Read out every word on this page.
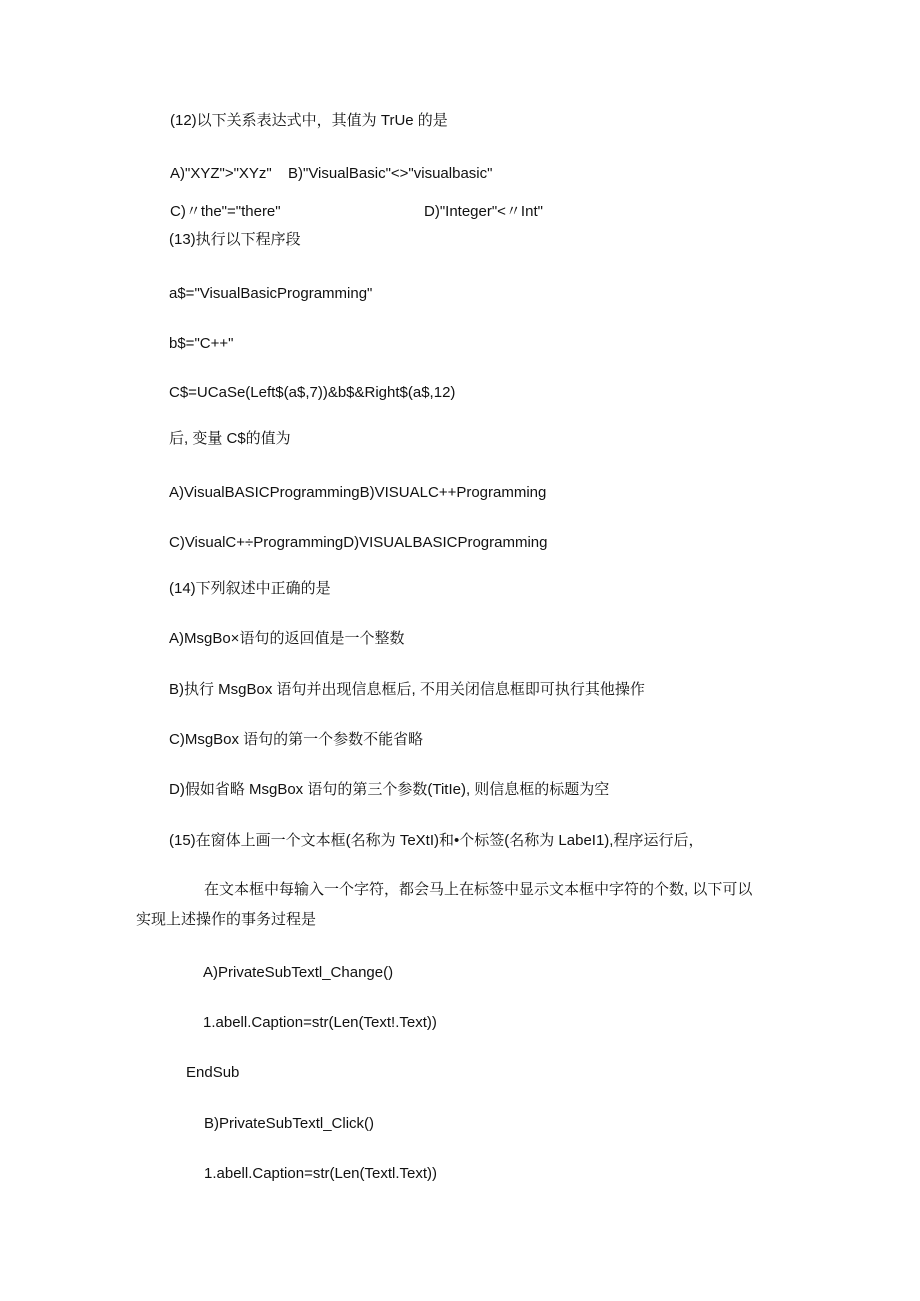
(12)以下关系表达式中，其值为 TrUe 的是
A)"XYZ">"XYz" B)"VisualBasic"<>"visualbasic"
C)〃the"="there"	D)"Integer"<〃Int"
(13)执行以下程序段
a$="VisualBasicProgramming"
b$="C++"
C$=UCaSe(Left$(a$,7))&b$&Right$(a$,12)
后, 变量 C$的值为
A)VisualBASICProgrammingB)VISUALC++Programming
C)VisualC+÷ProgrammingD)VISUALBASICProgramming
(14)下列叙述中正确的是
A)MsgBo×语句的返回值是一个整数
B)执行 MsgBox 语句并出现信息框后, 不用关闭信息框即可执行其他操作
C)MsgBox 语句的第一个参数不能省略
D)假如省略 MsgBox 语句的第三个参数(TitIe), 则信息框的标题为空
(15)在窗体上画一个文本框(名称为 TeXtI)和•个标签(名称为 LabeI1),程序运行后，
在文本框中每输入一个字符，都会马上在标签中显示文本框中字符的个数, 以下可以
实现上述操作的事务过程是
A)PrivateSubTextl_Change()
1.abell.Caption=str(Len(Text!.Text))
EndSub
B)PrivateSubTextl_Click()
1.abell.Caption=str(Len(Textl.Text))
